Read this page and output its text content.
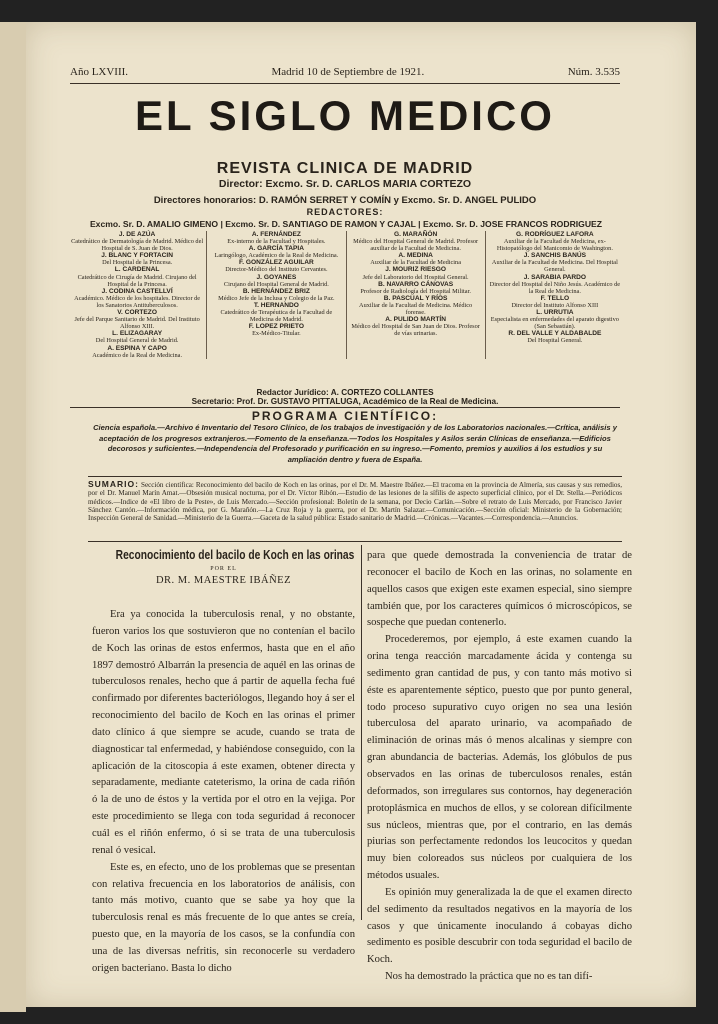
Año LXVIII.	Madrid 10 de Septiembre de 1921.	Núm. 3.535
EL SIGLO MEDICO
REVISTA CLINICA DE MADRID
Director: Excmo. Sr. D. CARLOS MARIA CORTEZO
Directores honorarios: D. RAMÓN SERRET Y COMÍN y Excmo. Sr. D. ANGEL PULIDO
REDACTORES:
Excmo. Sr. D. AMALIO GIMENO | Excmo. Sr. D. SANTIAGO DE RAMON Y CAJAL | Excmo. Sr. D. JOSE FRANCOS RODRIGUEZ
J. DE AZÚA
Catedrático de Dermatología de Madrid. Médico del Hospital de S. Juan de Dios.
J. BLANC Y FORTACIN
Del Hospital de la Princesa.
L. CARDENAL
Catedrático de Cirugía de Madrid. Cirujano del Hospital de la Princesa.
J. CODINA CASTELLVÍ
Académico. Médico de los hospitales. Director de los Sanatorios Antituberculosos.
V. CORTEZO
Jefe del Parque Sanitario de Madrid. Del Instituto Alfonso XIII.
L. ELIZAGARAY
Del Hospital General de Madrid.
A. ESPINA Y CAPO
Académico de la Real de Medicina.
A. FERNÁNDEZ
Ex-interno de la Facultad y Hospitales.
A. GARCÍA TAPIA
Laringólogo, Académico de la Real de Medicina.
F. GONZÁLEZ AGUILAR
Director-Médico del Instituto Cervantes.
J. GOYANES
Cirujano del Hospital General de Madrid.
B. HERNÁNDEZ BRIZ
Médico Jefe de la Inclusa y Colegio de la Paz.
T. HERNANDO
Catedrático de Terapéutica de la Facultad de Medicina de Madrid.
F. LOPEZ PRIETO
Ex-Médico-Titular.
G. MARAÑÓN
Médico del Hospital General de Madrid. Profesor auxiliar de la Facultad de Medicina.
A. MEDINA
Auxiliar de la Facultad de Medicina
J. MOURIZ RIESGO
Jefe del Laboratorio del Hospital General.
B. NAVARRO CÁNOVAS
Profesor de Radiología del Hospital Militar.
B. PASCUAL Y RÍOS
Auxiliar de la Facultad de Medicina. Médico forense.
A. PULIDO MARTÍN
Médico del Hospital de San Juan de Dios. Profesor de vías urinarias.
G. RODRÍGUEZ LAFORA
Auxiliar de la Facultad de Medicina, ex-Histopatólogo del Manicomio de Washington.
J. SANCHIS BANÚS
Auxiliar de la Facultad de Medicina. Del Hospital General.
J. SARABIA PARDO
Director del Hospital del Niño Jesús. Académico de la Real de Medicina.
F. TELLO
Director del Instituto Alfonso XIII
L. URRUTIA
Especialista en enfermedades del aparato digestivo (San Sebastián).
R. DEL VALLE Y ALDABALDE
Del Hospital General.
Redactor Jurídico: A. CORTEZO COLLANTES
Secretario: Prof. Dr. GUSTAVO PITTALUGA, Académico de la Real de Medicina.
PROGRAMA CIENTÍFICO:
Ciencia española.—Archivo é Inventario del Tesoro Clínico, de los trabajos de investigación y de los Laboratorios nacionales.—Crítica, análisis y aceptación de los progresos extranjeros.—Fomento de la enseñanza.—Todos los Hospitales y Asilos serán Clínicas de enseñanza.—Edificios decorosos y suficientes.—Independencia del Profesorado y purificación en su ingreso.—Fomento, premios y auxilios á los estudios y su ampliación dentro y fuera de España.
SUMARIO: Sección científica: Reconocimiento del bacilo de Koch en las orinas, por el Dr. M. Maestre Ibáñez.—El tracoma en la provincia de Almería, sus causas y sus remedios, por el Dr. Manuel Marín Amat.—Obsesión musical nocturna, por el Dr. Víctor Ribón.—Estudio de las lesiones de la sífilis de aspecto superficial clínico, por el Dr. Stella.—Periódicos médicos.—Indice de «El libro de la Peste», de Luis Mercado.—Sección profesional: Boletín de la semana, por Decio Carlán.—Sobre el retrato de Luis Mercado, por Francisco Javier Sánchez Cantón.—Información médica, por G. Marañón.—La Cruz Roja y la guerra, por el Dr. Martín Salazar.—Comunicación.—Sección oficial: Ministerio de la Gobernación; Inspección General de Sanidad.—Ministerio de la Guerra.—Gaceta de la salud pública: Estado sanitario de Madrid.—Crónicas.—Vacantes.—Correspondencia.—Anuncios.
Reconocimiento del bacilo de Koch en las orinas
POR EL
DR. M. MAESTRE IBÁÑEZ

Era ya conocida la tuberculosis renal, y no obstante, fueron varios los que sostuvieron que no contenían el bacilo de Koch las orinas de estos enfermos, hasta que en el año 1897 demostró Albarrán la presencia de aquél en las orinas de tuberculosos renales, hecho que á partir de aquella fecha fué confirmado por diferentes bacteriólogos, llegando hoy á ser el reconocimiento del bacilo de Koch en las orinas el primer dato clínico á que siempre se acude, cuando se trata de diagnosticar tal enfermedad, y habiéndose conseguido, con la aplicación de la citoscopia á este examen, obtener directa y separadamente, mediante cateterismo, la orina de cada riñón ó la de uno de éstos y la vertida por el otro en la vejiga. Por este procedimiento se llega con toda seguridad á reconocer cuál es el riñón enfermo, ó si se trata de una tuberculosis renal ó vesical.

Este es, en efecto, uno de los problemas que se presentan con relativa frecuencia en los laboratorios de análisis, con tanto más motivo, cuanto que se sabe ya hoy que la tuberculosis renal es más frecuente de lo que antes se creía, puesto que, en la mayoría de los casos, se la confundía con una de las diversas nefritis, sin reconocerle su verdadero origen bacteriano. Basta lo dicho

para que quede demostrada la conveniencia de tratar de reconocer el bacilo de Koch en las orinas, no solamente en aquellos casos que exigen este examen especial, sino siempre también que, por los caracteres químicos ó microscópicos, se sospeche que puedan contenerlo.

Procederemos, por ejemplo, á este examen cuando la orina tenga reacción marcadamente ácida y contenga su sedimento gran cantidad de pus, y con tanto más motivo si éste es aparentemente séptico, puesto que por punto general, todo proceso supurativo cuyo origen no sea una lesión tuberculosa del aparato urinario, va acompañado de eliminación de orinas más ó menos alcalinas y siempre con gran abundancia de bacterias. Además, los glóbulos de pus observados en las orinas de tuberculosos renales, están deformados, son irregulares sus contornos, hay degeneración protoplásmica en muchos de ellos, y se colorean difícilmente sus núcleos, mientras que, por el contrario, en las demás piurias son perfectamente redondos los leucocitos y quedan muy bien coloreados sus núcleos por cualquiera de los métodos usuales.

Es opinión muy generalizada la de que el examen directo del sedimento da resultados negativos en la mayoría de los casos y que únicamente inoculando á cobayas dicho sedimento es posible descubrir con toda seguridad el bacilo de Koch.

Nos ha demostrado la práctica que no es tan difí-
